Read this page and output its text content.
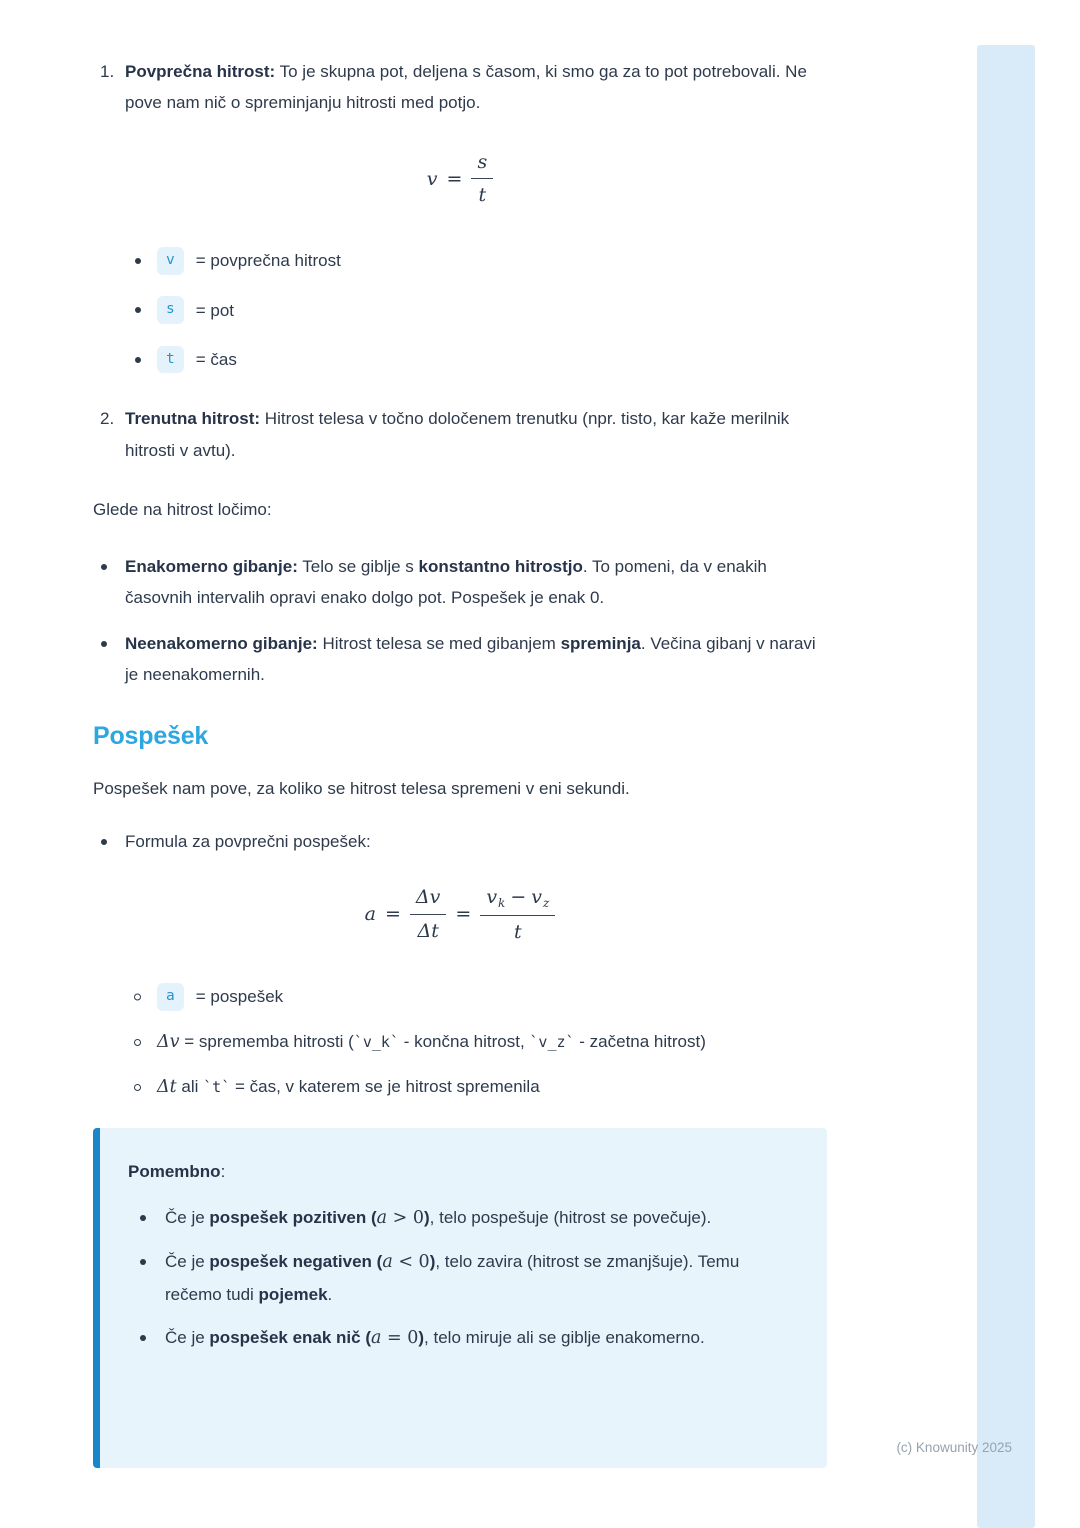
1. Povprečna hitrost: To je skupna pot, deljena s časom, ki smo ga za to pot potrebovali. Ne pove nam nič o spreminjanju hitrosti med potjo.

$v = \frac{s}{t}$
v	= povprečna hitrost
s	= pot
t	= čas
2. Trenutna hitrost: Hitrost telesa v točno določenem trenutku (npr. tisto, kar kaže merilnik hitrosti v avtu).

Glede na hitrost ločimo:

Enakomerno gibanje: Telo se giblje s konstantno hitrostjo. To pomeni, da v enakih časovnih intervalih opravi enako dolgo pot. Pospešek je enak 0.

Neenakomerno gibanje: Hitrost telesa se med gibanjem spreminja. Večina gibanj v naravi je neenakomernih.

Pospešek

Pospešek nam pove, za koliko se hitrost telesa spremeni v eni sekundi.

Formula za povprečni pospešek:

$a = \frac{\Delta v}{\Delta t} = \frac{v_k - v_z}{t}$
a	= pospešek

Δv = sprememba hitrosti (`v_k` - končna hitrost, `v_z` - začetna hitrost)

Δt ali `t` = čas, v katerem se je hitrost spremenila

Pomembno:

Če je pospešek pozitiven (a > 0), telo pospešuje (hitrost se povečuje).

Če je pospešek negativen (a < 0), telo zavira (hitrost se zmanjšuje). Temu rečemo tudi pojemek.

Če je pospešek enak nič (a = 0), telo miruje ali se giblje enakomerno.

(c) Knowunity 2025
